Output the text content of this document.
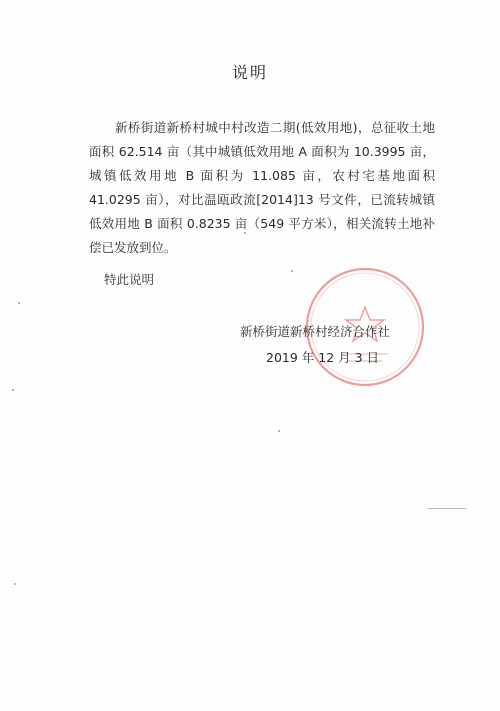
说明

新桥街道新桥村城中村改造二期(低效用地)，总征收土地面积 62.514 亩（其中城镇低效用地 A 面积为 10.3995 亩，城镇低效用地 B 面积为 11.085 亩，农村宅基地面积 41.0295 亩），对比温瓯政流[2014]13 号文件，已流转城镇低效用地 B 面积 0.8235 亩（549 平方米），相关流转土地补偿已发放到位。

特此说明
新桥街道新桥村经济合作社
2019 年 12 月 3 日
